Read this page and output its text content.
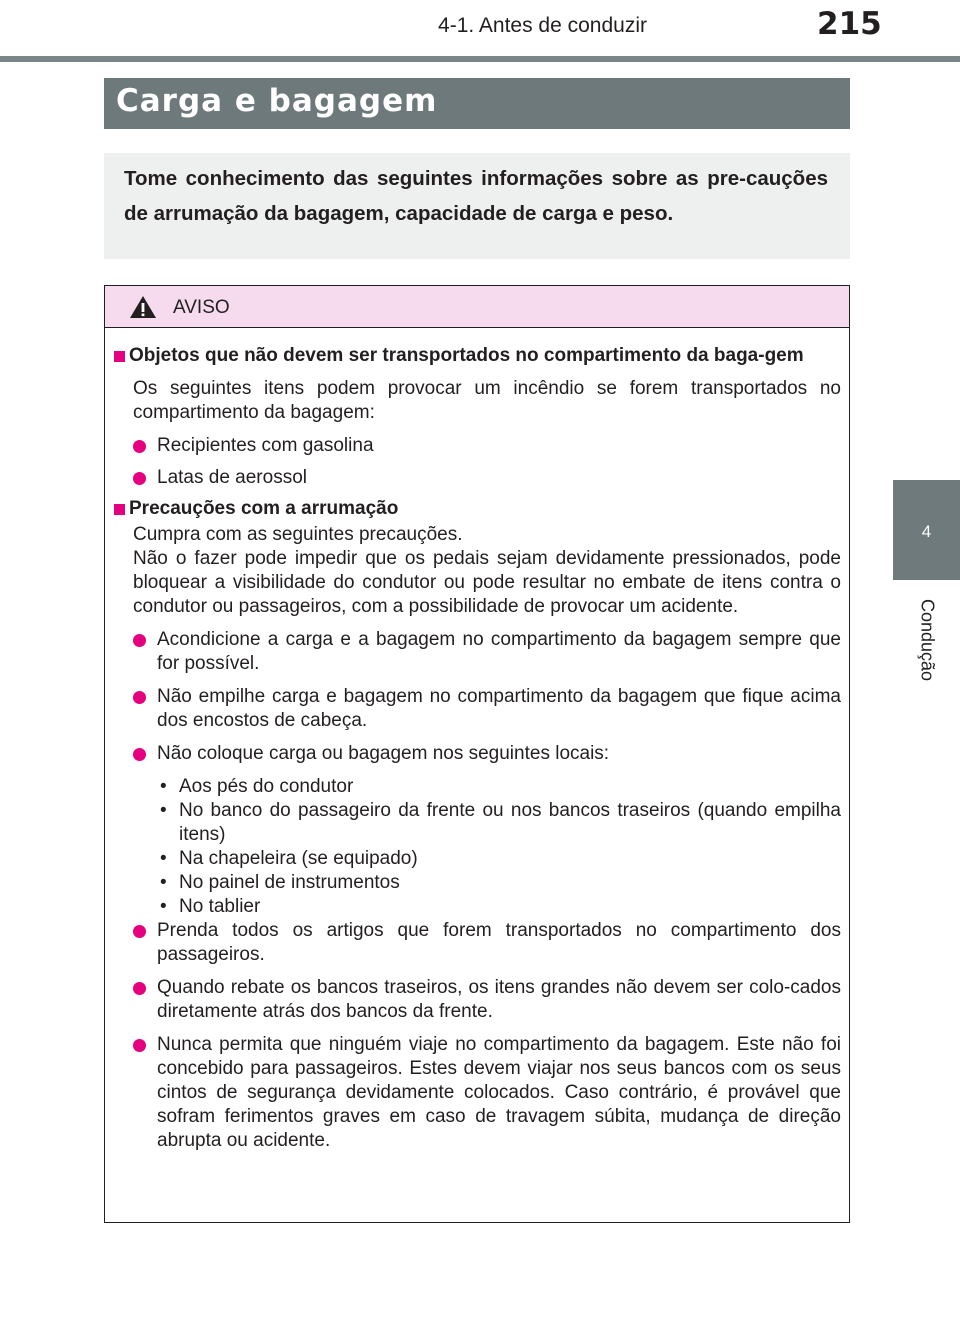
4-1. Antes de conduzir	215
4
Condução
Carga e bagagem

Tome conhecimento das seguintes informações sobre as pre-cauções de arrumação da bagagem, capacidade de carga e peso.

AVISO
Objetos que não devem ser transportados no compartimento da baga-gem

Os seguintes itens podem provocar um incêndio se forem transportados no compartimento da bagagem:

Recipientes com gasolina
Latas de aerossol
Precauções com a arrumação

Cumpra com as seguintes precauções.

Não o fazer pode impedir que os pedais sejam devidamente pressionados, pode bloquear a visibilidade do condutor ou pode resultar no embate de itens contra o condutor ou passageiros, com a possibilidade de provocar um acidente.

Acondicione a carga e a bagagem no compartimento da bagagem sempre que for possível.
Não empilhe carga e bagagem no compartimento da bagagem que fique acima dos encostos de cabeça.
Não coloque carga ou bagagem nos seguintes locais:
• Aos pés do condutor
• No banco do passageiro da frente ou nos bancos traseiros (quando empilha itens)
• Na chapeleira (se equipado)
• No painel de instrumentos
• No tablier
Prenda todos os artigos que forem transportados no compartimento dos passageiros.
Quando rebate os bancos traseiros, os itens grandes não devem ser colo-cados diretamente atrás dos bancos da frente.
Nunca permita que ninguém viaje no compartimento da bagagem. Este não foi concebido para passageiros. Estes devem viajar nos seus bancos com os seus cintos de segurança devidamente colocados. Caso contrário, é provável que sofram ferimentos graves em caso de travagem súbita, mudança de direção abrupta ou acidente.
